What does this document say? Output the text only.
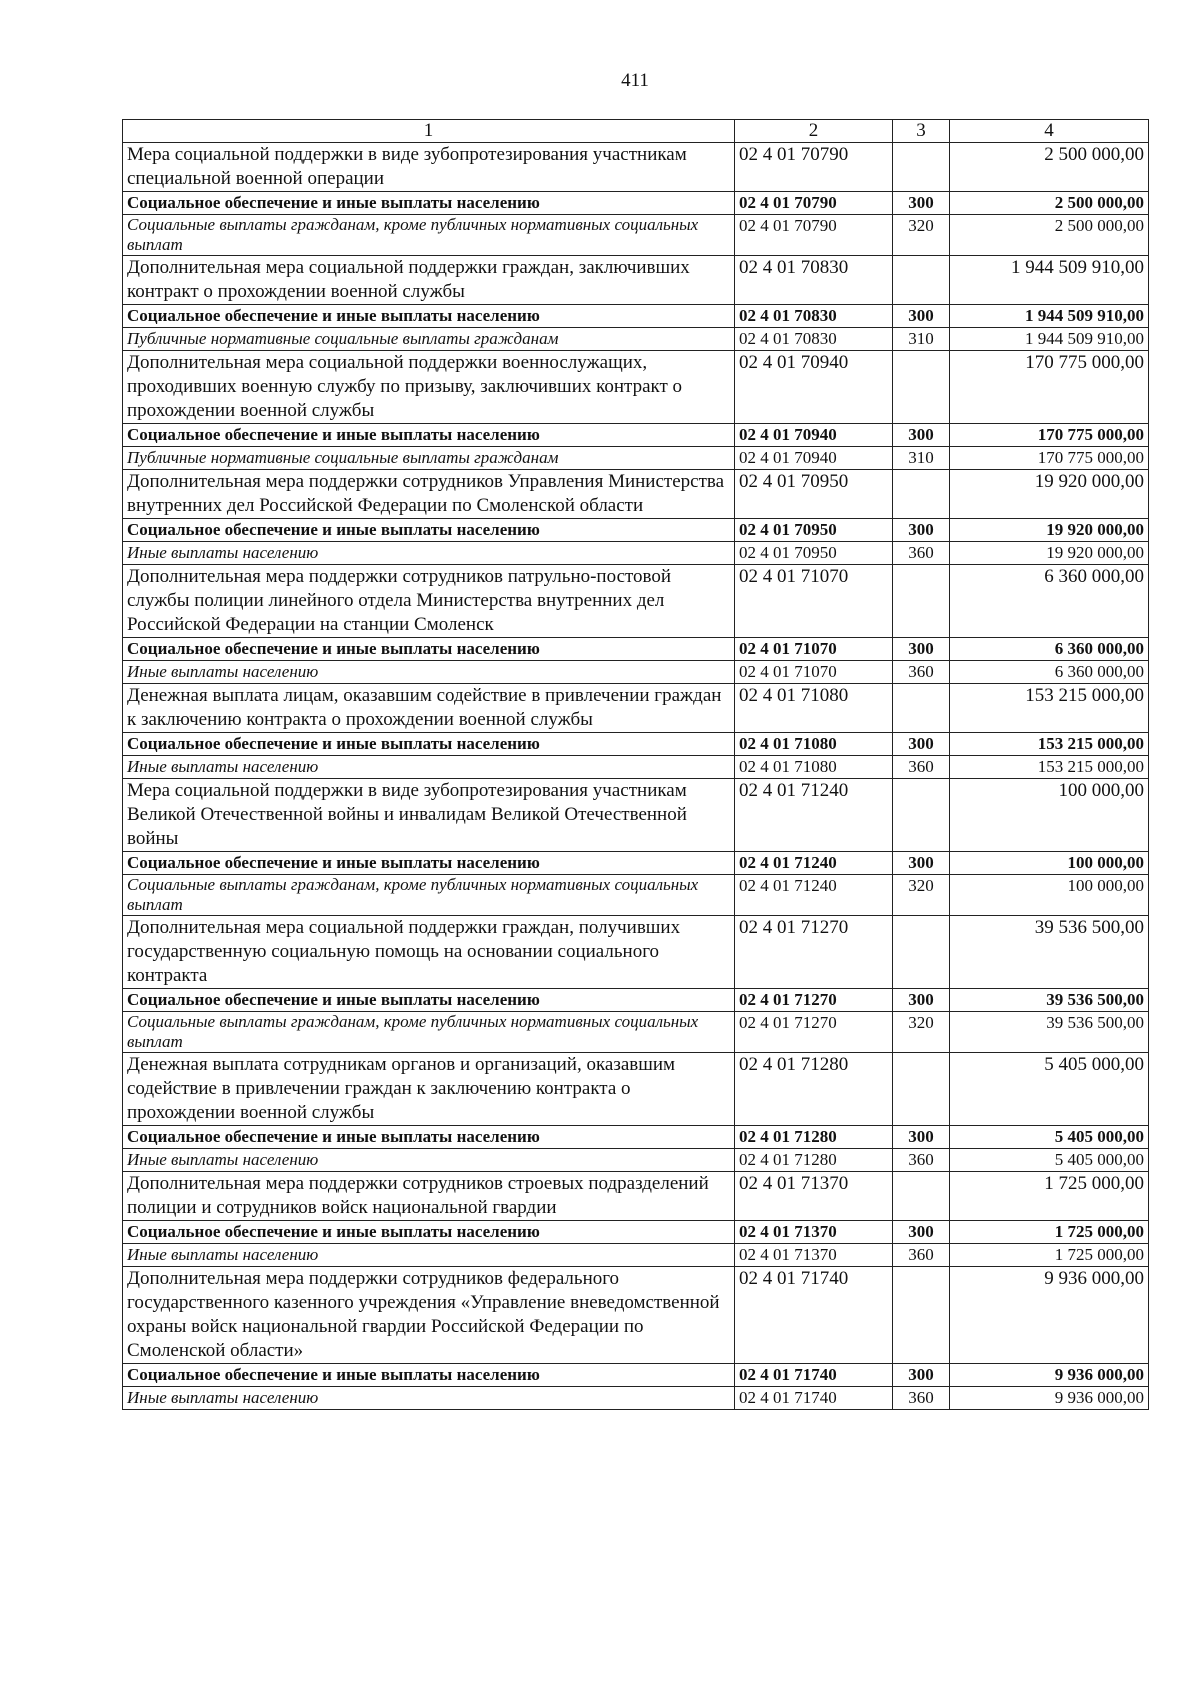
411
1	2	3	4
Мера социальной поддержки в виде зубопротезирования участникам специальной военной операции	02 4 01 70790		2 500 000,00
Социальное обеспечение и иные выплаты населению	02 4 01 70790	300	2 500 000,00
Социальные выплаты гражданам, кроме публичных нормативных социальных выплат	02 4 01 70790	320	2 500 000,00
Дополнительная мера социальной поддержки граждан, заключивших контракт о прохождении военной службы	02 4 01 70830		1 944 509 910,00
Социальное обеспечение и иные выплаты населению	02 4 01 70830	300	1 944 509 910,00
Публичные нормативные социальные выплаты гражданам	02 4 01 70830	310	1 944 509 910,00
Дополнительная мера социальной поддержки военнослужащих, проходивших военную службу по призыву, заключивших контракт о прохождении военной службы	02 4 01 70940		170 775 000,00
Социальное обеспечение и иные выплаты населению	02 4 01 70940	300	170 775 000,00
Публичные нормативные социальные выплаты гражданам	02 4 01 70940	310	170 775 000,00
Дополнительная мера поддержки сотрудников Управления Министерства внутренних дел Российской Федерации по Смоленской области	02 4 01 70950		19 920 000,00
Социальное обеспечение и иные выплаты населению	02 4 01 70950	300	19 920 000,00
Иные выплаты населению	02 4 01 70950	360	19 920 000,00
Дополнительная мера поддержки сотрудников патрульно-постовой службы полиции линейного отдела Министерства внутренних дел Российской Федерации на станции Смоленск	02 4 01 71070		6 360 000,00
Социальное обеспечение и иные выплаты населению	02 4 01 71070	300	6 360 000,00
Иные выплаты населению	02 4 01 71070	360	6 360 000,00
Денежная выплата лицам, оказавшим содействие в привлечении граждан к заключению контракта о прохождении военной службы	02 4 01 71080		153 215 000,00
Социальное обеспечение и иные выплаты населению	02 4 01 71080	300	153 215 000,00
Иные выплаты населению	02 4 01 71080	360	153 215 000,00
Мера социальной поддержки в виде зубопротезирования участникам Великой Отечественной войны и инвалидам Великой Отечественной войны	02 4 01 71240		100 000,00
Социальное обеспечение и иные выплаты населению	02 4 01 71240	300	100 000,00
Социальные выплаты гражданам, кроме публичных нормативных социальных выплат	02 4 01 71240	320	100 000,00
Дополнительная мера социальной поддержки граждан, получивших государственную социальную помощь на основании социального контракта	02 4 01 71270		39 536 500,00
Социальное обеспечение и иные выплаты населению	02 4 01 71270	300	39 536 500,00
Социальные выплаты гражданам, кроме публичных нормативных социальных выплат	02 4 01 71270	320	39 536 500,00
Денежная выплата сотрудникам органов и организаций, оказавшим содействие в привлечении граждан к заключению контракта о прохождении военной службы	02 4 01 71280		5 405 000,00
Социальное обеспечение и иные выплаты населению	02 4 01 71280	300	5 405 000,00
Иные выплаты населению	02 4 01 71280	360	5 405 000,00
Дополнительная мера поддержки сотрудников строевых подразделений полиции и сотрудников войск национальной гвардии	02 4 01 71370		1 725 000,00
Социальное обеспечение и иные выплаты населению	02 4 01 71370	300	1 725 000,00
Иные выплаты населению	02 4 01 71370	360	1 725 000,00
Дополнительная мера поддержки сотрудников федерального государственного казенного учреждения «Управление вневедомственной охраны войск национальной гвардии Российской Федерации по Смоленской области»	02 4 01 71740		9 936 000,00
Социальное обеспечение и иные выплаты населению	02 4 01 71740	300	9 936 000,00
Иные выплаты населению	02 4 01 71740	360	9 936 000,00
